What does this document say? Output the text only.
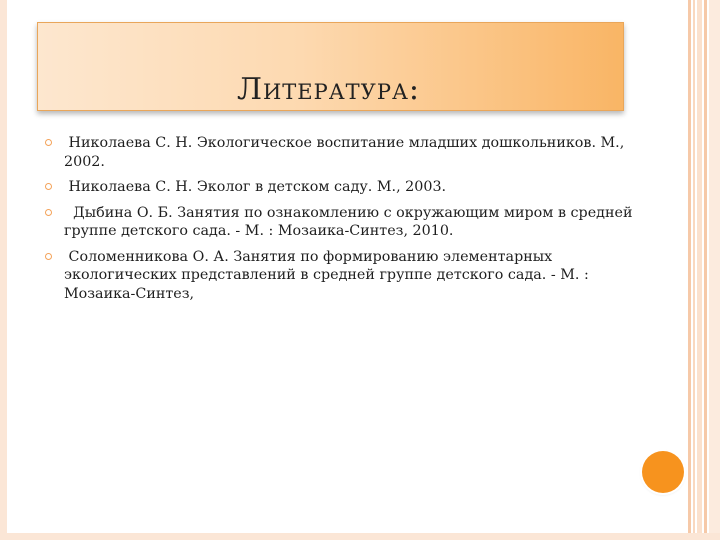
Литература:
Николаева С. Н. Экологическое воспитание младших дошкольников. М., 2002.
Николаева С. Н. Эколог в детском саду. М., 2003.
Дыбина О. Б. Занятия по ознакомлению с окружающим миром в средней группе детского сада. - М. : Мозаика-Синтез, 2010.
Соломенникова О. А. Занятия по формированию элементарных экологических представлений в средней группе детского сада. - М. : Мозаика-Синтез,
